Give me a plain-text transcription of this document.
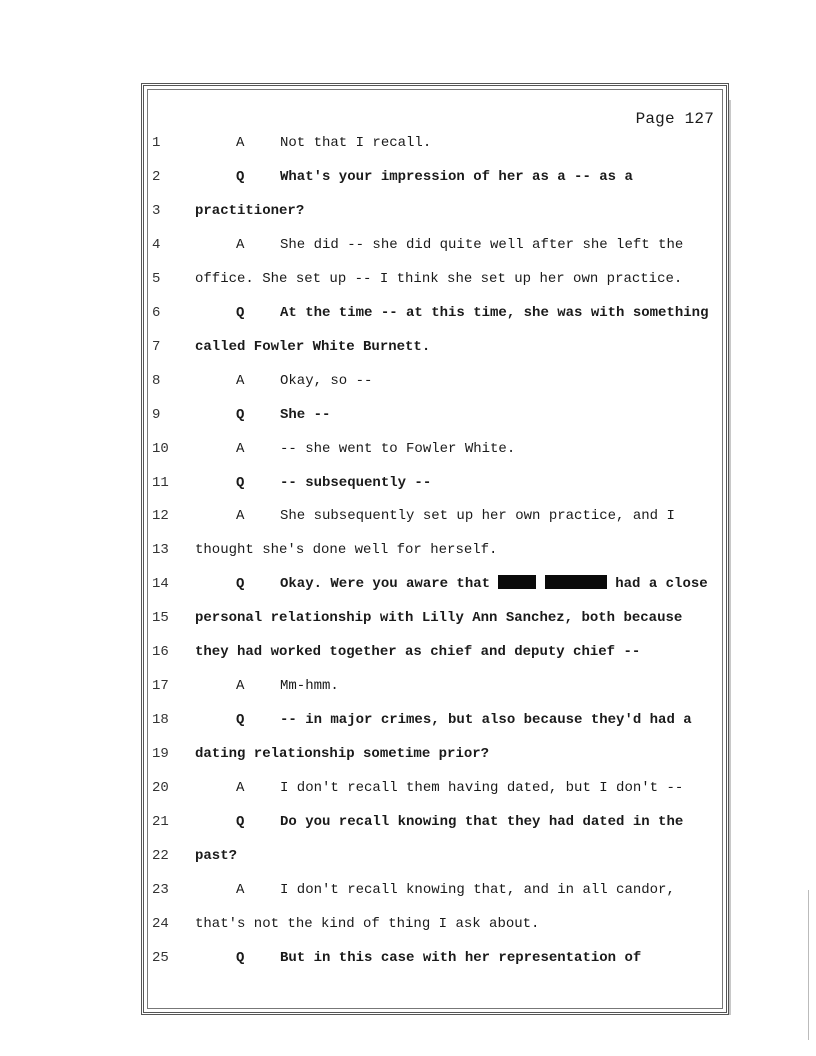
Page 127
1	A	Not that I recall.
2	Q	What's your impression of her as a -- as a
3	practitioner?
4	A	She did -- she did quite well after she left the
5	office. She set up -- I think she set up her own practice.
6	Q	At the time -- at this time, she was with something
7	called Fowler White Burnett.
8	A	Okay, so --
9	Q	She --
10	A	-- she went to Fowler White.
11	Q	-- subsequently --
12	A	She subsequently set up her own practice, and I
13	thought she's done well for herself.
14	Q	Okay. Were you aware that	had a close
15	personal relationship with Lilly Ann Sanchez, both because
16	they had worked together as chief and deputy chief --
17	A	Mm-hmm.
18	Q	-- in major crimes, but also because they'd had a
19	dating relationship sometime prior?
20	A	I don't recall them having dated, but I don't --
21	Q	Do you recall knowing that they had dated in the
22	past?
23	A	I don't recall knowing that, and in all candor,
24	that's not the kind of thing I ask about.
25	Q	But in this case with her representation of
